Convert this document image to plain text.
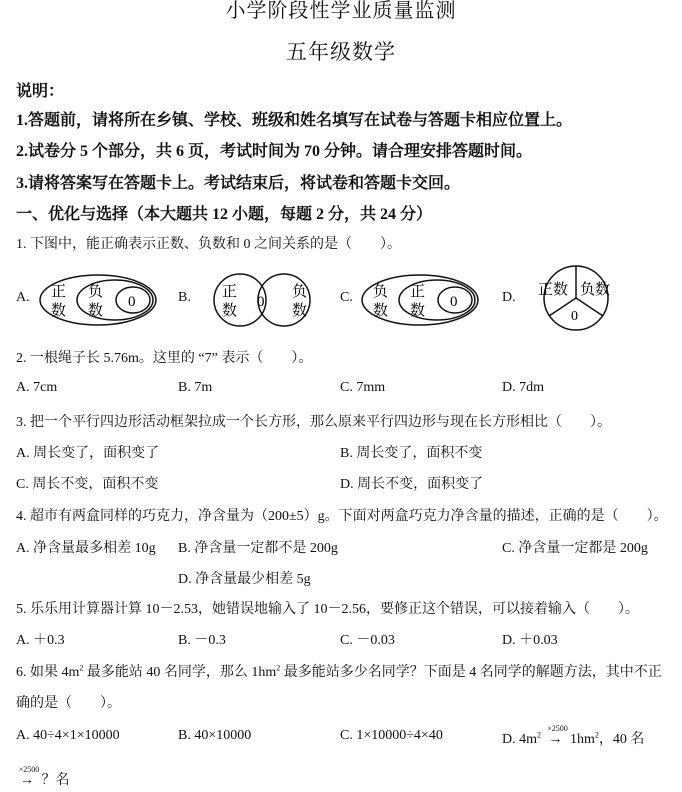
小学阶段性学业质量监测
五年级数学
说明：
1.答题前，请将所在乡镇、学校、班级和姓名填写在试卷与答题卡相应位置上。
2.试卷分 5 个部分，共 6 页，考试时间为 70 分钟。请合理安排答题时间。
3.请将答案写在答题卡上。考试结束后，将试卷和答题卡交回。
一、优化与选择（本大题共 12 小题，每题 2 分，共 24 分）
1. 下图中，能正确表示正数、负数和 0 之间关系的是（　　）。
A.	B.	C.	D.
正
数
负
数
0
正
数
0
负
数
负
数
正
数
0
正数 负数
0
2. 一根绳子长 5.76m。这里的 “7” 表示（　　）。
A. 7cm	B. 7m	C. 7mm	D. 7dm
3. 把一个平行四边形活动框架拉成一个长方形，那么原来平行四边形与现在长方形相比（　　）。
A. 周长变了，面积变了	B. 周长变了，面积不变
C. 周长不变，面积不变	D. 周长不变，面积变了
4. 超市有两盒同样的巧克力，净含量为（200±5）g。下面对两盒巧克力净含量的描述，正确的是（　　）。
A. 净含量最多相差 10g B. 净含量一定都不是 200g	C. 净含量一定都是 200g
D. 净含量最少相差 5g
5. 乐乐用计算器计算 10－2.53，她错误地输入了 10－2.56，要修正这个错误，可以接着输入（　　）。
A. ＋0.3	B. －0.3	C. －0.03	D. ＋0.03
6. 如果 $4m^2$ 最多能站 40 名同学，那么 $1hm^2$ 最多能站多少名同学？下面是 4 名同学的解题方法，其中不正
确的是（　　）。
A. 40÷4×1×10000	B. 40×10000	C. 1×10000÷4×40	D. $4m^2$
×2500
→ $1hm^2$，40 名
×2500
→ ？名
